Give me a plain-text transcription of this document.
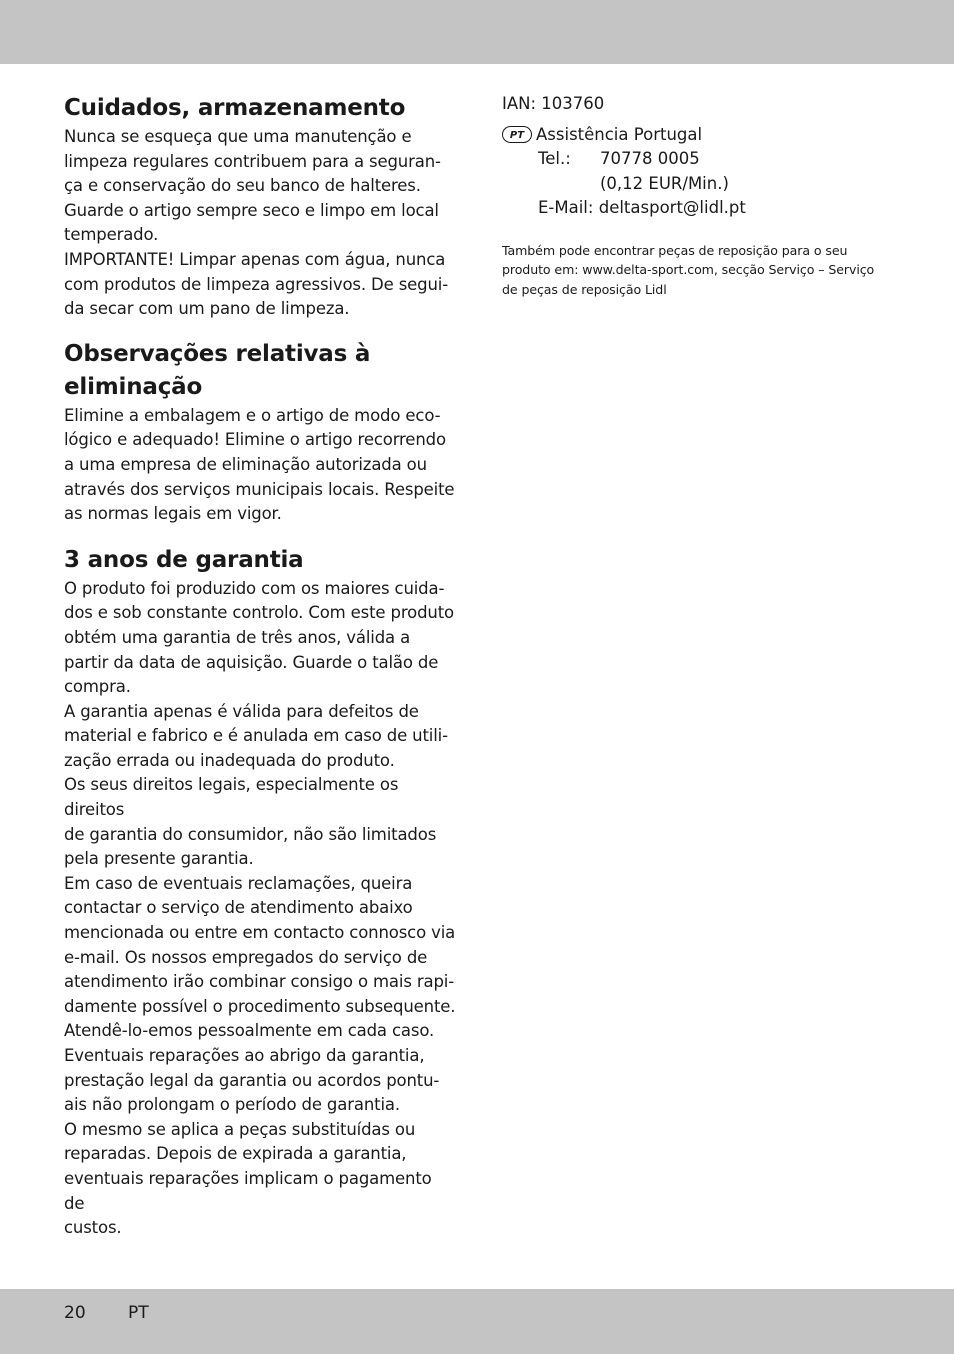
Cuidados, armazenamento
Nunca se esqueça que uma manutenção e
limpeza regulares contribuem para a seguran-
ça e conservação do seu banco de halteres.
Guarde o artigo sempre seco e limpo em local
temperado.
IMPORTANTE! Limpar apenas com água, nunca
com produtos de limpeza agressivos. De segui-
da secar com um pano de limpeza.
Observações relativas à
eliminação
Elimine a embalagem e o artigo de modo eco-
lógico e adequado! Elimine o artigo recorrendo
a uma empresa de eliminação autorizada ou
através dos serviços municipais locais. Respeite
as normas legais em vigor.
3 anos de garantia
O produto foi produzido com os maiores cuida-
dos e sob constante controlo. Com este produto
obtém uma garantia de três anos, válida a
partir da data de aquisição. Guarde o talão de
compra.
A garantia apenas é válida para defeitos de
material e fabrico e é anulada em caso de utili-
zação errada ou inadequada do produto.
Os seus direitos legais, especialmente os direitos
de garantia do consumidor, não são limitados
pela presente garantia.
Em caso de eventuais reclamações, queira
contactar o serviço de atendimento abaixo
mencionada ou entre em contacto connosco via
e-mail. Os nossos empregados do serviço de
atendimento irão combinar consigo o mais rapi-
damente possível o procedimento subsequente.
Atendê-lo-emos pessoalmente em cada caso.
Eventuais reparações ao abrigo da garantia,
prestação legal da garantia ou acordos pontu-
ais não prolongam o período de garantia.
O mesmo se aplica a peças substituídas ou
reparadas. Depois de expirada a garantia,
eventuais reparações implicam o pagamento de
custos.
IAN: 103760
PT Assistência Portugal
Tel.:	70778 0005
(0,12 EUR/Min.)
E-Mail:
deltasport@lidl.pt
Também pode encontrar peças de reposição para o seu
produto em: www.delta-sport.com, secção Serviço – Serviço
de peças de reposição Lidl
20 PT
